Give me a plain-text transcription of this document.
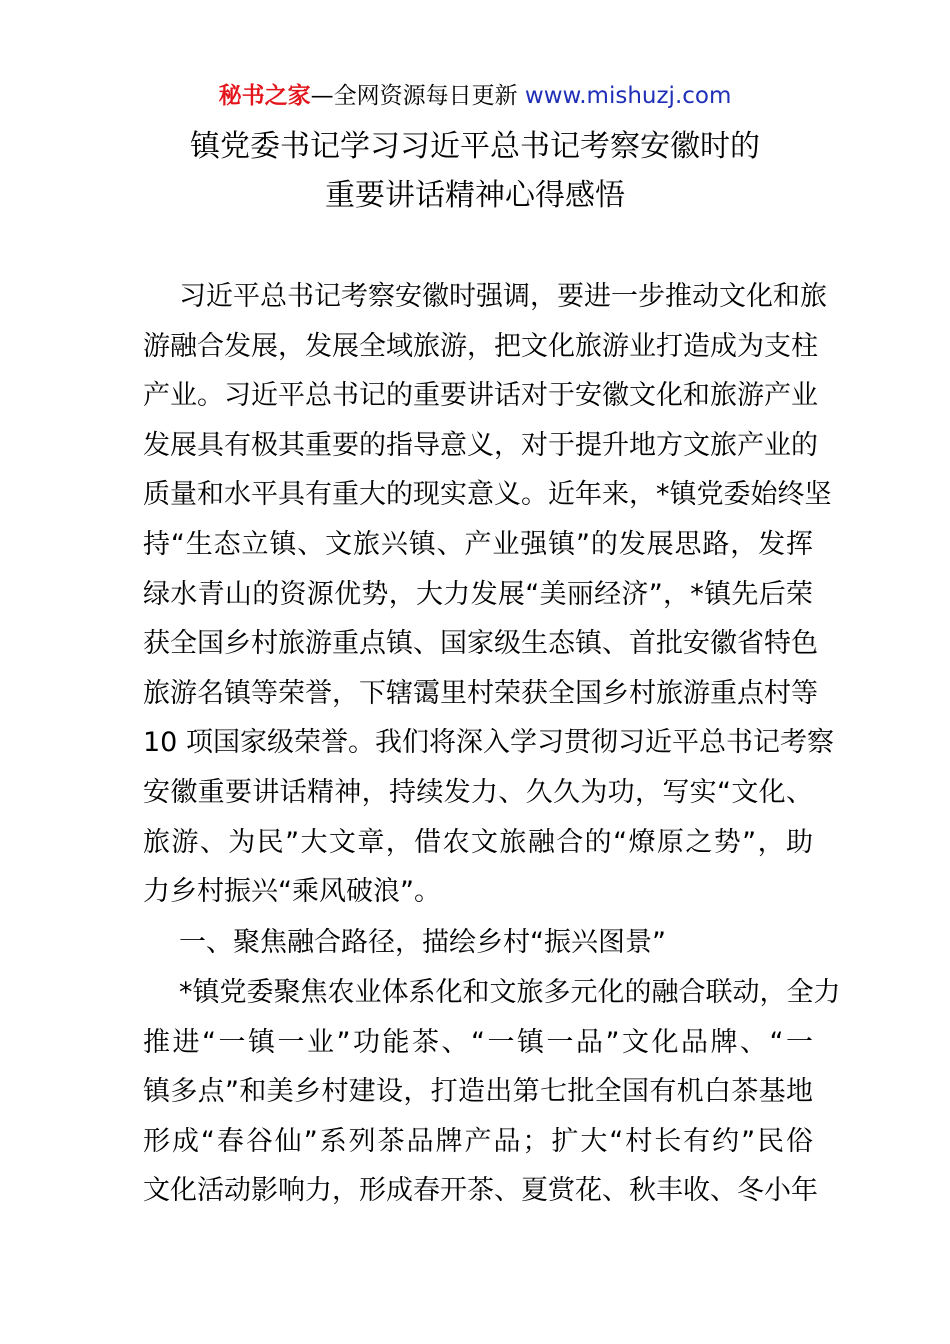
秘书之家—全网资源每日更新 www.mishuzj.com
镇党委书记学习习近平总书记考察安徽时的
重要讲话精神心得感悟
习近平总书记考察安徽时强调，要进一步推动文化和旅
游融合发展，发展全域旅游，把文化旅游业打造成为支柱
产业。习近平总书记的重要讲话对于安徽文化和旅游产业
发展具有极其重要的指导意义，对于提升地方文旅产业的
质量和水平具有重大的现实意义。近年来，*镇党委始终坚
持“生态立镇、文旅兴镇、产业强镇”的发展思路，发挥
绿水青山的资源优势，大力发展“美丽经济”，*镇先后荣
获全国乡村旅游重点镇、国家级生态镇、首批安徽省特色
旅游名镇等荣誉，下辖霭里村荣获全国乡村旅游重点村等
10 项国家级荣誉。我们将深入学习贯彻习近平总书记考察
安徽重要讲话精神，持续发力、久久为功，写实“文化、
旅游、为民”大文章，借农文旅融合的“燎原之势”，助
力乡村振兴“乘风破浪”。
一、聚焦融合路径，描绘乡村“振兴图景”
*镇党委聚焦农业体系化和文旅多元化的融合联动，全力
推进“一镇一业”功能茶、“一镇一品”文化品牌、“一
镇多点”和美乡村建设，打造出第七批全国有机白茶基地
形成“春谷仙”系列茶品牌产品；扩大“村长有约”民俗
文化活动影响力，形成春开茶、夏赏花、秋丰收、冬小年
